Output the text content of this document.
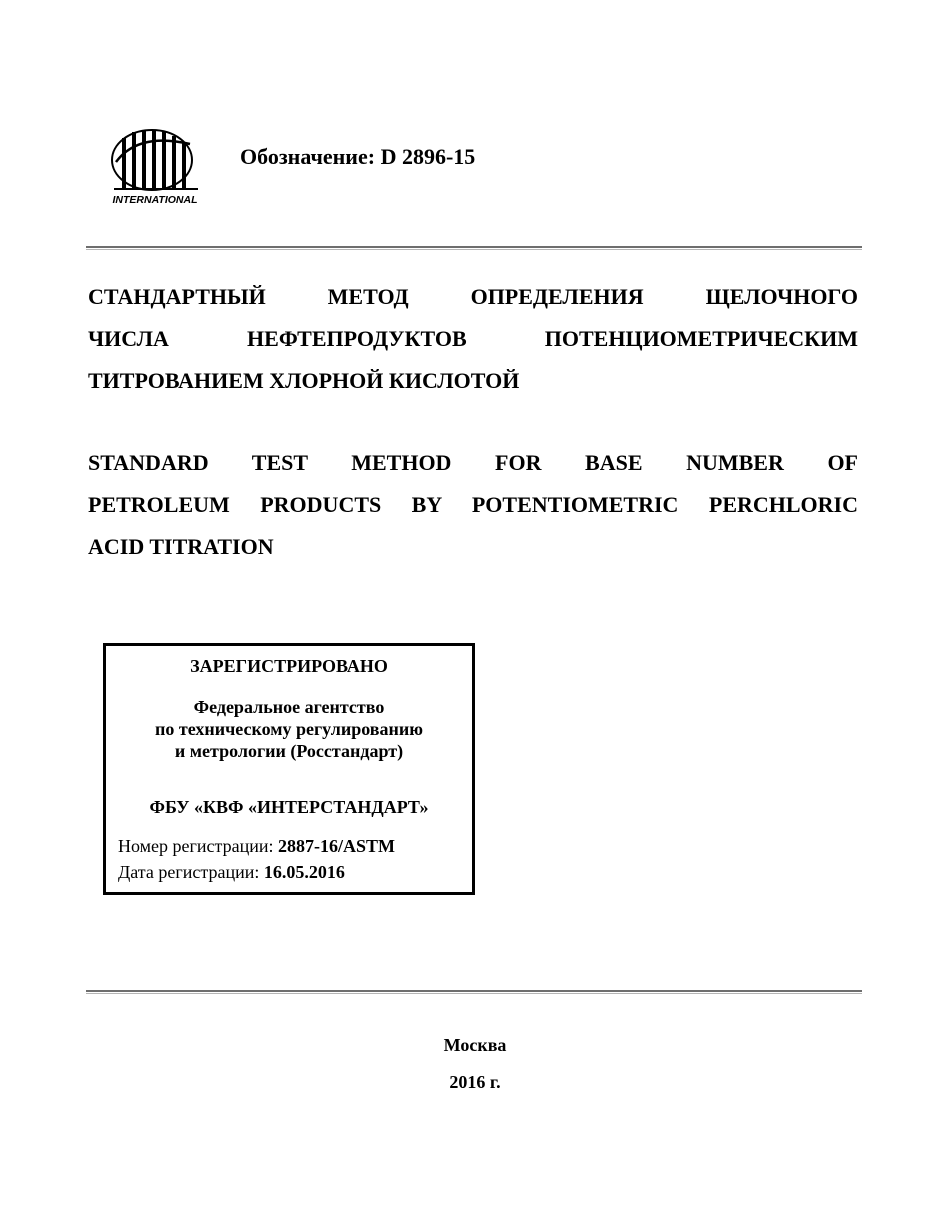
INTERNATIONAL
Обозначение: D 2896-15
СТАНДАРТНЫЙ МЕТОД ОПРЕДЕЛЕНИЯ ЩЕЛОЧНОГО
ЧИСЛА НЕФТЕПРОДУКТОВ ПОТЕНЦИОМЕТРИЧЕСКИМ
ТИТРОВАНИЕМ ХЛОРНОЙ КИСЛОТОЙ
STANDARD TEST METHOD FOR BASE NUMBER OF
PETROLEUM PRODUCTS BY POTENTIOMETRIC PERCHLORIC
ACID TITRATION
ЗАРЕГИСТРИРОВАНО
Федеральное агентство
по техническому регулированию
и метрологии (Росстандарт)
ФБУ «КВФ «ИНТЕРСТАНДАРТ»
Номер регистрации: 2887-16/ASTM
Дата регистрации: 16.05.2016
Москва
2016 г.
